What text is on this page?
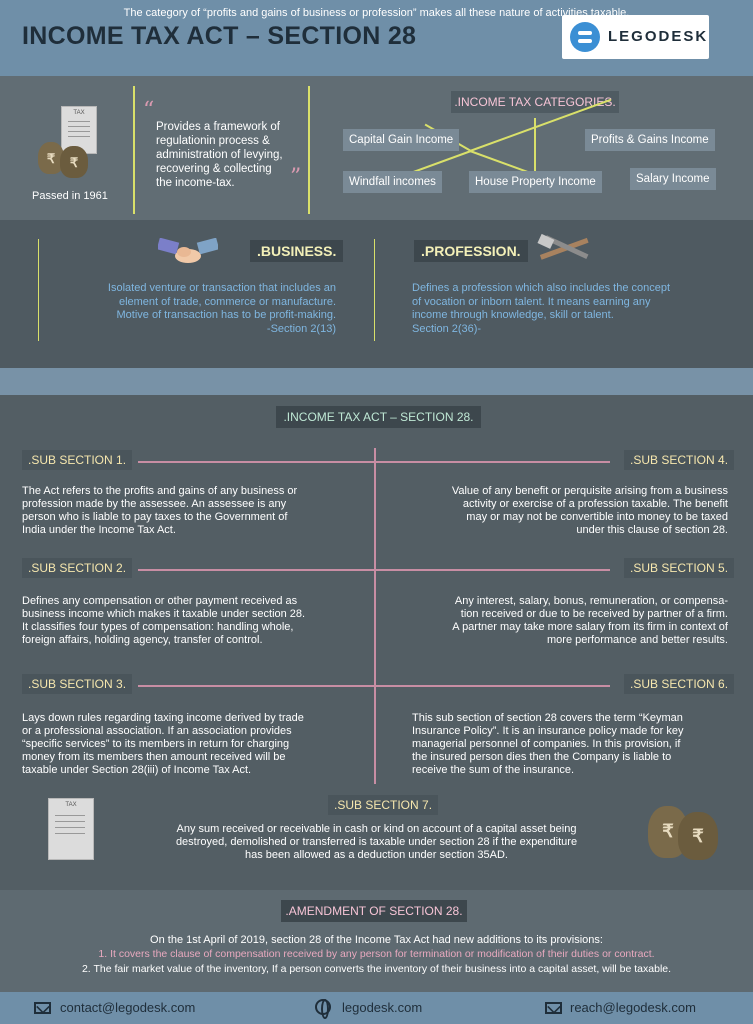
INCOME TAX ACT – SECTION 28	LEGODESK
TAX
₹	₹
Passed in 1961
“
Provides a framework of
regulationin process &
administration of levying,
recovering & collecting
the income-tax.	”
.INCOME TAX CATEGORIES.
Capital Gain Income	Profits & Gains Income
Windfall incomes	House Property Income	Salary Income
.BUSINESS.
Isolated venture or transaction that includes an
element of trade, commerce or manufacture.
Motive of transaction has to be profit-making.
-Section 2(13)
.PROFESSION.
Defines a profession which also includes the concept
of vocation or inborn talent. It means earning any
income through knowledge, skill or talent.
Section 2(36)-
The category of “profits and gains of business or profession” makes all these nature of activities taxable.
.INCOME TAX ACT – SECTION 28.
.SUB SECTION 1.
The Act refers to the profits and gains of any business or
profession made by the assessee. An assessee is any
person who is liable to pay taxes to the Government of
India under the Income Tax Act.
.SUB SECTION 4.
Value of any benefit or perquisite arising from a business
activity or exercise of a profession taxable. The benefit
may or may not be convertible into money to be taxed
under this clause of section 28.
.SUB SECTION 2.
Defines any compensation or other payment received as
business income which makes it taxable under section 28.
It classifies four types of compensation: handling whole,
foreign affairs, holding agency, transfer of control.
.SUB SECTION 5.
Any interest, salary, bonus, remuneration, or compensa-
tion received or due to be received by partner of a firm.
A partner may take more salary from its firm in context of
more performance and better results.
.SUB SECTION 3.
Lays down rules regarding taxing income derived by trade
or a professional association. If an association provides
“specific services” to its members in return for charging
money from its members then amount received will be
taxable under Section 28(iii) of Income Tax Act.
.SUB SECTION 6.
This sub section of section 28 covers the term “Keyman
Insurance Policy”. It is an insurance policy made for key
managerial personnel of companies. In this provision, if
the insured person dies then the Company is liable to
receive the sum of the insurance.
.SUB SECTION 7.
Any sum received or receivable in cash or kind on account of a capital asset being
destroyed, demolished or transferred is taxable under section 28 if the expenditure
has been allowed as a deduction under section 35AD.
TAX
₹	₹
.AMENDMENT OF SECTION 28.
On the 1st April of 2019, section 28 of the Income Tax Act had new additions to its provisions:
1. It covers the clause of compensation received by any person for termination or modification of their duties or contract.
2. The fair market value of the inventory, If a person converts the inventory of their business into a capital asset, will be taxable.
contact@legodesk.com	legodesk.com	reach@legodesk.com
